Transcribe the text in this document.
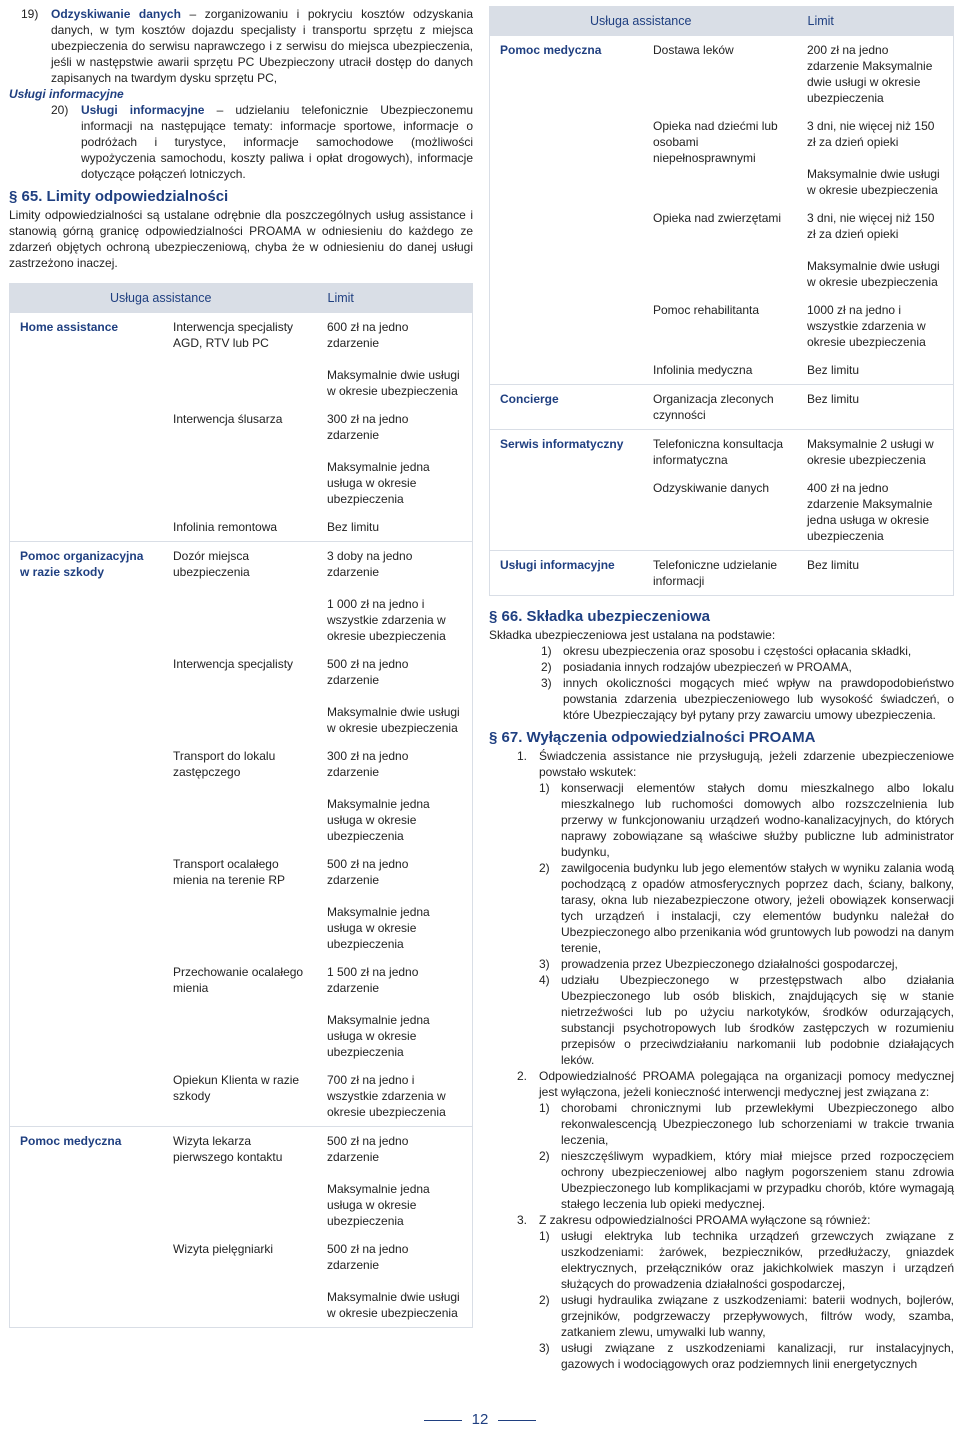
19)	Odzyskiwanie danych – zorganizowaniu i pokryciu kosztów odzyskania danych, w tym kosztów dojazdu specjalisty i transportu sprzętu z miejsca ubezpieczenia do serwisu naprawczego i z serwisu do miejsca ubezpieczenia, jeśli w następstwie awarii sprzętu PC Ubezpieczony utracił dostęp do danych zapisanych na twardym dysku sprzętu PC,
Usługi informacyjne
20)	Usługi informacyjne – udzielaniu telefonicznie Ubezpieczonemu informacji na następujące tematy: informacje sportowe, informacje o podróżach i turystyce, informacje samochodowe (możliwości wypożyczenia samochodu, koszty paliwa i opłat drogowych), informacje dotyczące połączeń lotniczych.
§ 65. Limity odpowiedzialności
Limity odpowiedzialności są ustalane odrębnie dla poszczególnych usług assistance i stanowią górną granicę odpowiedzialności PROAMA w odniesieniu do każdego ze zdarzeń objętych ochroną ubezpieczeniową, chyba że w odniesieniu do danej usługi zastrzeżono inaczej.
Usługa assistance		Limit
Home assistance	Interwencja specjalisty AGD, RTV lub PC	600 zł na jedno zdarzenie
Maksymalnie dwie usługi w okresie ubezpieczenia

	Interwencja ślusarza	300 zł na jedno zdarzenie
Maksymalnie jedna usługa w okresie ubezpieczenia

	Infolinia remontowa	Bez limitu
Pomoc organizacyjna w razie szkody	Dozór miejsca ubezpieczenia	3 doby na jedno zdarzenie
1 000 zł na jedno i wszystkie zdarzenia w okresie ubezpieczenia

	Interwencja specjalisty	500 zł na jedno zdarzenie
Maksymalnie dwie usługi w okresie ubezpieczenia

	Transport do lokalu zastępczego	300 zł na jedno zdarzenie
Maksymalnie jedna usługa w okresie ubezpieczenia

	Transport ocalałego mienia na terenie RP	500 zł na jedno zdarzenie
Maksymalnie jedna usługa w okresie ubezpieczenia

	Przechowanie ocalałego mienia	1 500 zł na jedno zdarzenie
Maksymalnie jedna usługa w okresie ubezpieczenia

	Opiekun Klienta w razie szkody	700 zł na jedno i wszystkie zdarzenia w okresie ubezpieczenia
Pomoc medyczna	Wizyta lekarza pierwszego kontaktu	500 zł na jedno zdarzenie
Maksymalnie jedna usługa w okresie ubezpieczenia

	Wizyta pielęgniarki	500 zł na jedno zdarzenie
Maksymalnie dwie usługi w okresie ubezpieczenia
Usługa assistance		Limit
Pomoc medyczna	Dostawa leków	200 zł na jedno zdarzenie Maksymalnie dwie usługi w okresie ubezpieczenia
	Opieka nad dziećmi lub osobami niepełnosprawnymi	3 dni, nie więcej niż 150 zł za dzień opieki
Maksymalnie dwie usługi w okresie ubezpieczenia

	Opieka nad zwierzętami	3 dni, nie więcej niż 150 zł za dzień opieki
Maksymalnie dwie usługi w okresie ubezpieczenia

	Pomoc rehabilitanta	1000 zł na jedno i wszystkie zdarzenia w okresie ubezpieczenia
	Infolinia medyczna	Bez limitu
Concierge	Organizacja zleconych czynności	Bez limitu
Serwis informatyczny	Telefoniczna konsultacja informatyczna	Maksymalnie 2 usługi w okresie ubezpieczenia
	Odzyskiwanie danych	400 zł na jedno zdarzenie Maksymalnie jedna usługa w okresie ubezpieczenia
Usługi informacyjne	Telefoniczne udzielanie informacji	Bez limitu
§ 66. Składka ubezpieczeniowa
Składka ubezpieczeniowa jest ustalana na podstawie:
1) okresu ubezpieczenia oraz sposobu i częstości opłacania składki,
2) posiadania innych rodzajów ubezpieczeń w PROAMA,
3) innych okoliczności mogących mieć wpływ na prawdopodobieństwo powstania zdarzenia ubezpieczeniowego lub wysokość świadczeń, o które Ubezpieczający był pytany przy zawarciu umowy ubezpieczenia.
§ 67. Wyłączenia odpowiedzialności PROAMA
1. Świadczenia assistance nie przysługują, jeżeli zdarzenie ubezpieczeniowe powstało wskutek:
1) konserwacji elementów stałych domu mieszkalnego albo lokalu mieszkalnego lub ruchomości domowych albo rozszczelnienia lub przerwy w funkcjonowaniu urządzeń wodno-kanalizacyjnych, do których naprawy zobowiązane są właściwe służby publiczne lub administrator budynku,
2) zawilgocenia budynku lub jego elementów stałych w wyniku zalania wodą pochodzącą z opadów atmosferycznych poprzez dach, ściany, balkony, tarasy, okna lub niezabezpieczone otwory, jeżeli obowiązek konserwacji tych urządzeń i instalacji, czy elementów budynku należał do Ubezpieczonego albo przenikania wód gruntowych lub powodzi na danym terenie,
3) prowadzenia przez Ubezpieczonego działalności gospodarczej,
4) udziału Ubezpieczonego w przestępstwach albo działania Ubezpieczonego lub osób bliskich, znajdujących się w stanie nietrzeźwości lub po użyciu narkotyków, środków odurzających, substancji psychotropowych lub środków zastępczych w rozumieniu przepisów o przeciwdziałaniu narkomanii lub podobnie działających leków.
2. Odpowiedzialność PROAMA polegająca na organizacji pomocy medycznej jest wyłączona, jeżeli konieczność interwencji medycznej jest związana z:
1) chorobami chronicznymi lub przewlekłymi Ubezpieczonego albo rekonwalescencją Ubezpieczonego lub schorzeniami w trakcie trwania leczenia,
2) nieszczęśliwym wypadkiem, który miał miejsce przed rozpoczęciem ochrony ubezpieczeniowej albo nagłym pogorszeniem stanu zdrowia Ubezpieczonego lub komplikacjami w przypadku chorób, które wymagają stałego leczenia lub opieki medycznej.
3. Z zakresu odpowiedzialności PROAMA wyłączone są również:
1) usługi elektryka lub technika urządzeń grzewczych związane z uszkodzeniami: żarówek, bezpieczników, przedłużaczy, gniazdek elektrycznych, przełączników oraz jakichkolwiek maszyn i urządzeń służących do prowadzenia działalności gospodarczej,
2) usługi hydraulika związane z uszkodzeniami: baterii wodnych, bojlerów, grzejników, podgrzewaczy przepływowych, filtrów wody, szamba, zatkaniem zlewu, umywalki lub wanny,
3) usługi związane z uszkodzeniami kanalizacji, rur instalacyjnych, gazowych i wodociągowych oraz podziemnych linii energetycznych
12
